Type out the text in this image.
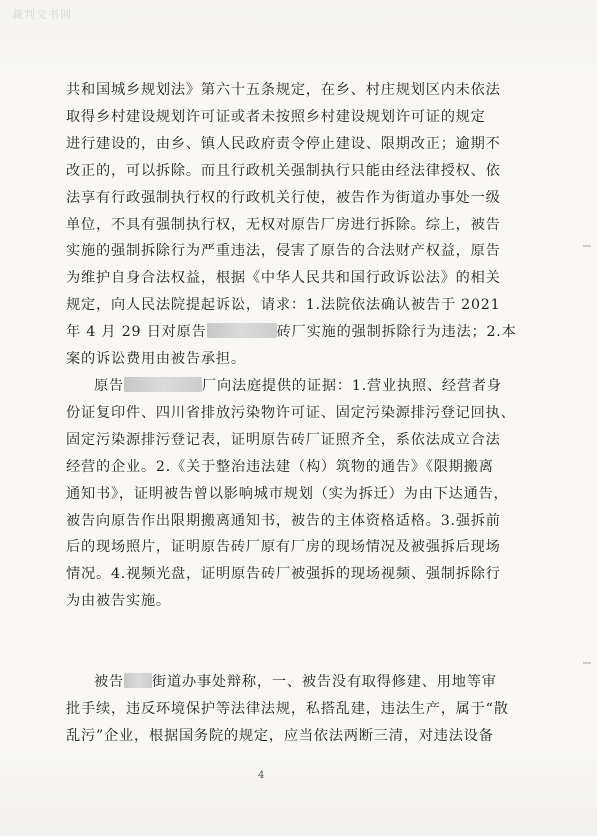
裁判文书网
共和国城乡规划法》第六十五条规定，在乡、村庄规划区内未依法
取得乡村建设规划许可证或者未按照乡村建设规划许可证的规定
进行建设的，由乡、镇人民政府责令停止建设、限期改正；逾期不
改正的，可以拆除。而且行政机关强制执行只能由经法律授权、依
法享有行政强制执行权的行政机关行使，被告作为街道办事处一级
单位，不具有强制执行权，无权对原告厂房进行拆除。综上，被告
实施的强制拆除行为严重违法，侵害了原告的合法财产权益，原告
为维护自身合法权益，根据《中华人民共和国行政诉讼法》的相关
规定，向人民法院提起诉讼，请求：1.法院依法确认被告于 2021
年 4 月 29 日对原告	砖厂实施的强制拆除行为违法；2.本
案的诉讼费用由被告承担。
原告	厂向法庭提供的证据：1.营业执照、经营者身
份证复印件、四川省排放污染物许可证、固定污染源排污登记回执、
固定污染源排污登记表，证明原告砖厂证照齐全，系依法成立合法
经营的企业。2.《关于整治违法建（构）筑物的通告》《限期搬离
通知书》，证明被告曾以影响城市规划（实为拆迁）为由下达通告，
被告向原告作出限期搬离通知书，被告的主体资格适格。3.强拆前
后的现场照片，证明原告砖厂原有厂房的现场情况及被强拆后现场
情况。4.视频光盘，证明原告砖厂被强拆的现场视频、强制拆除行
为由被告实施。
被告 街道办事处辩称，一、被告没有取得修建、用地等审
批手续，违反环境保护等法律法规，私搭乱建，违法生产，属于“散
乱污”企业，根据国务院的规定，应当依法两断三清，对违法设备
4
